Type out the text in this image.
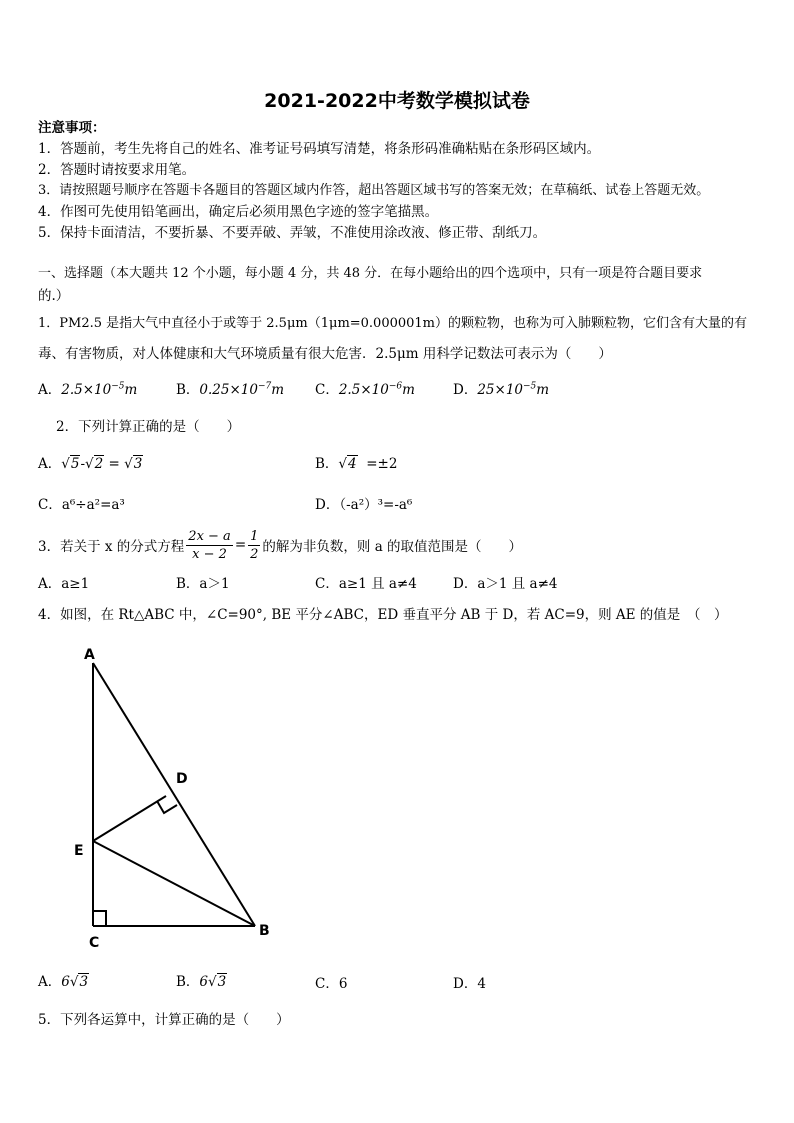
2021-2022中考数学模拟试卷
注意事项：
1．答题前，考生先将自己的姓名、准考证号码填写清楚，将条形码准确粘贴在条形码区域内。
2．答题时请按要求用笔。
3．请按照题号顺序在答题卡各题目的答题区域内作答，超出答题区域书写的答案无效；在草稿纸、试卷上答题无效。
4．作图可先使用铅笔画出，确定后必须用黑色字迹的签字笔描黑。
5．保持卡面清洁，不要折暴、不要弄破、弄皱，不准使用涂改液、修正带、刮纸刀。
一、选择题（本大题共 12 个小题，每小题 4 分，共 48 分．在每小题给出的四个选项中，只有一项是符合题目要求
的.）
1．PM2.5 是指大气中直径小于或等于 2.5μm（1μm=0.000001m）的颗粒物，也称为可入肺颗粒物，它们含有大量的有
毒、有害物质，对人体健康和大气环境质量有很大危害．2.5μm 用科学记数法可表示为（　　）
A．$2.5\times 10^{-5}m$	B．$0.25\times 10^{-7}m$ C．$2.5\times 10^{-6}m$	D．$25\times 10^{-5}m$
2．下列计算正确的是（　　）
A．√5-√2 = √3	B．√4 =±2
C．a⁶÷a²=a³	D．（-a²）³=-a⁶
3．若关于 x 的分式方程 $\frac{2x - a}{x - 2} = \frac{1}{2}$ 的解为非负数，则 a 的取值范围是（　　）
A．a≥1	B．a＞1	C．a≥1 且 a≠4	D．a＞1 且 a≠4
4．如图，在 Rt△ABC 中，∠C=90°, BE 平分∠ABC，ED 垂直平分 AB 于 D，若 AC=9，则 AE 的值是　（　）
A
D
E
C
B
A．6√3	B．6√3	C．6	D．4
5．下列各运算中，计算正确的是（　　）
